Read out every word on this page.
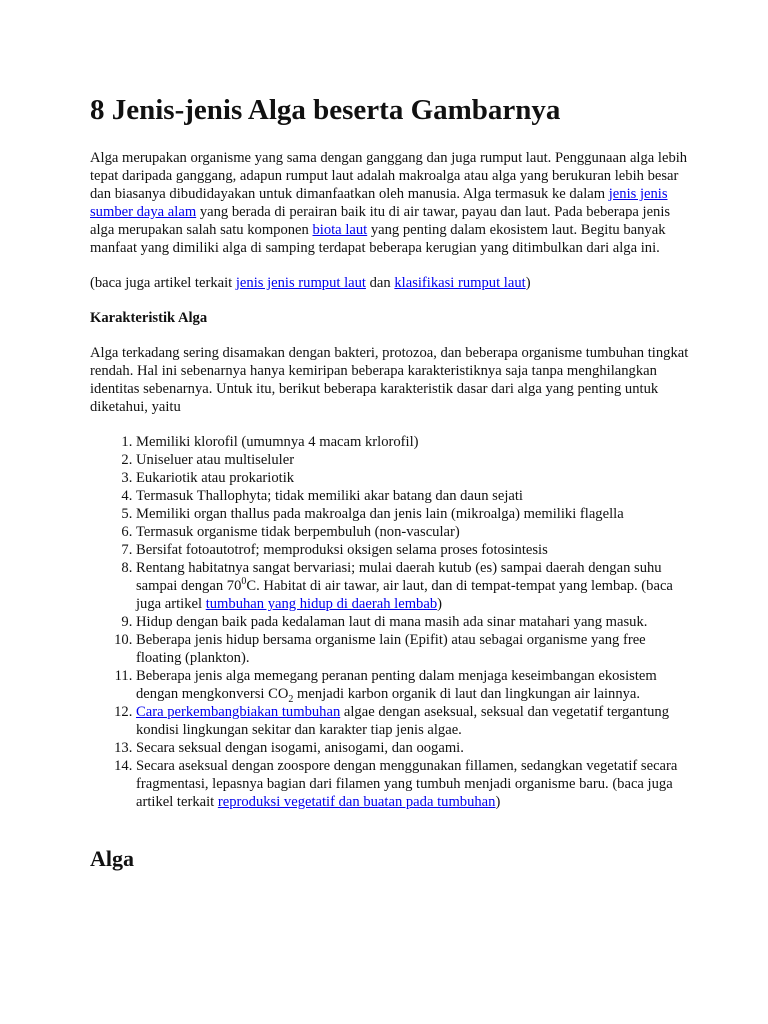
8 Jenis-jenis Alga beserta Gambarnya

Alga merupakan organisme yang sama dengan ganggang dan juga rumput laut. Penggunaan alga lebih tepat daripada ganggang, adapun rumput laut adalah makroalga atau alga yang berukuran lebih besar dan biasanya dibudidayakan untuk dimanfaatkan oleh manusia. Alga termasuk ke dalam jenis jenis sumber daya alam yang berada di perairan baik itu di air tawar, payau dan laut. Pada beberapa jenis alga merupakan salah satu komponen biota laut yang penting dalam ekosistem laut. Begitu banyak manfaat yang dimiliki alga di samping terdapat beberapa kerugian yang ditimbulkan dari alga ini.

(baca juga artikel terkait jenis jenis rumput laut dan klasifikasi rumput laut)

Karakteristik Alga

Alga terkadang sering disamakan dengan bakteri, protozoa, dan beberapa organisme tumbuhan tingkat rendah. Hal ini sebenarnya hanya kemiripan beberapa karakteristiknya saja tanpa menghilangkan identitas sebenarnya. Untuk itu, berikut beberapa karakteristik dasar dari alga yang penting untuk diketahui, yaitu

1. Memiliki klorofil (umumnya 4 macam krlorofil)
2. Uniseluer atau multiseluler
3. Eukariotik atau prokariotik
4. Termasuk Thallophyta; tidak memiliki akar batang dan daun sejati
5. Memiliki organ thallus pada makroalga dan jenis lain (mikroalga) memiliki flagella
6. Termasuk organisme tidak berpembuluh (non-vascular)
7. Bersifat fotoautotrof; memproduksi oksigen selama proses fotosintesis
8. Rentang habitatnya sangat bervariasi; mulai daerah kutub (es) sampai daerah dengan suhu sampai dengan $70^0C$. Habitat di air tawar, air laut, dan di tempat-tempat yang lembap. (baca juga artikel tumbuhan yang hidup di daerah lembab)
9. Hidup dengan baik pada kedalaman laut di mana masih ada sinar matahari yang masuk.
10. Beberapa jenis hidup bersama organisme lain (Epifit) atau sebagai organisme yang free floating (plankton).
11. Beberapa jenis alga memegang peranan penting dalam menjaga keseimbangan ekosistem dengan mengkonversi $CO_2$ menjadi karbon organik di laut dan lingkungan air lainnya.
12. Cara perkembangbiakan tumbuhan algae dengan aseksual, seksual dan vegetatif tergantung kondisi lingkungan sekitar dan karakter tiap jenis algae.
13. Secara seksual dengan isogami, anisogami, dan oogami.
14. Secara aseksual dengan zoospore dengan menggunakan fillamen, sedangkan vegetatif secara fragmentasi, lepasnya bagian dari filamen yang tumbuh menjadi organisme baru. (baca juga artikel terkait reproduksi vegetatif dan buatan pada tumbuhan)
Alga
